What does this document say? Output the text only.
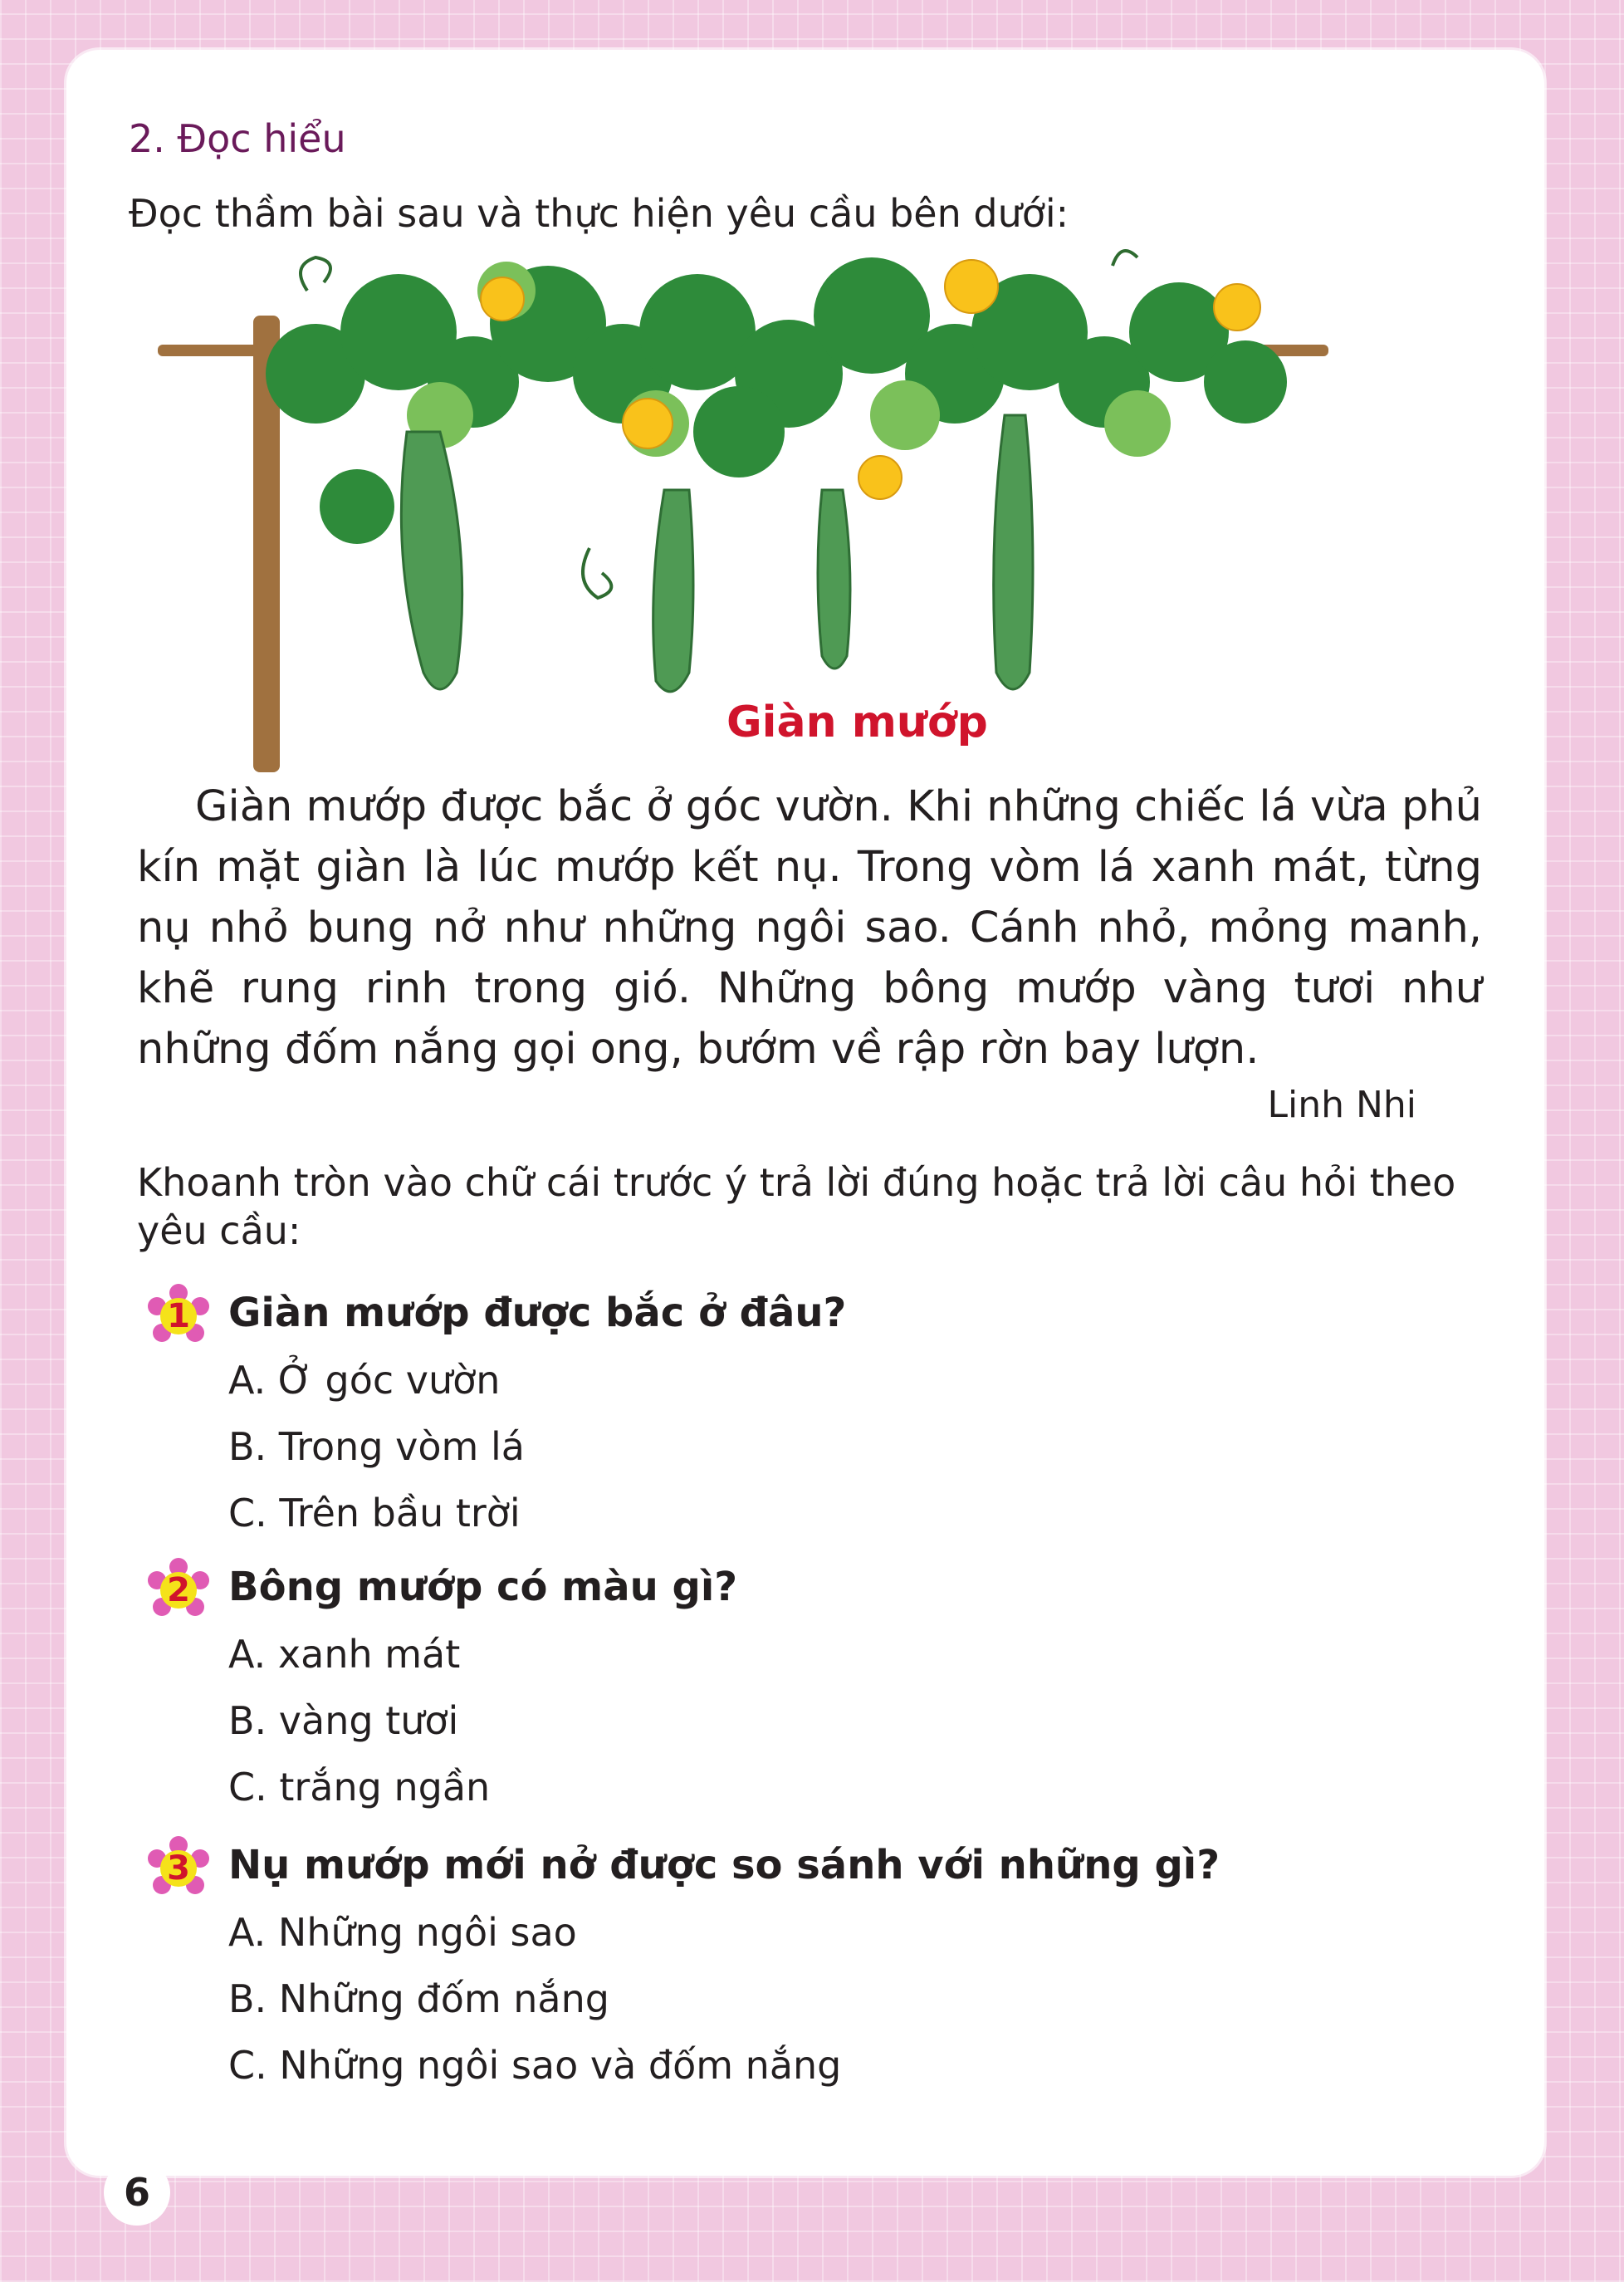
2. Đọc hiểu
Đọc thầm bài sau và thực hiện yêu cầu bên dưới:
Giàn mướp
Giàn mướp được bắc ở góc vườn. Khi những chiếc lá vừa phủ kín mặt giàn là lúc mướp kết nụ. Trong vòm lá xanh mát, từng nụ nhỏ bung nở như những ngôi sao. Cánh nhỏ, mỏng manh, khẽ rung rinh trong gió. Những bông mướp vàng tươi như những đốm nắng gọi ong, bướm về rập rờn bay lượn.
Linh Nhi
Khoanh tròn vào chữ cái trước ý trả lời đúng hoặc trả lời câu hỏi theo yêu cầu:
1 Giàn mướp được bắc ở đâu?
A. Ở góc vườn
B. Trong vòm lá
C. Trên bầu trời
2 Bông mướp có màu gì?
A. xanh mát
B. vàng tươi
C. trắng ngần
3 Nụ mướp mới nở được so sánh với những gì?
A. Những ngôi sao
B. Những đốm nắng
C. Những ngôi sao và đốm nắng
6
